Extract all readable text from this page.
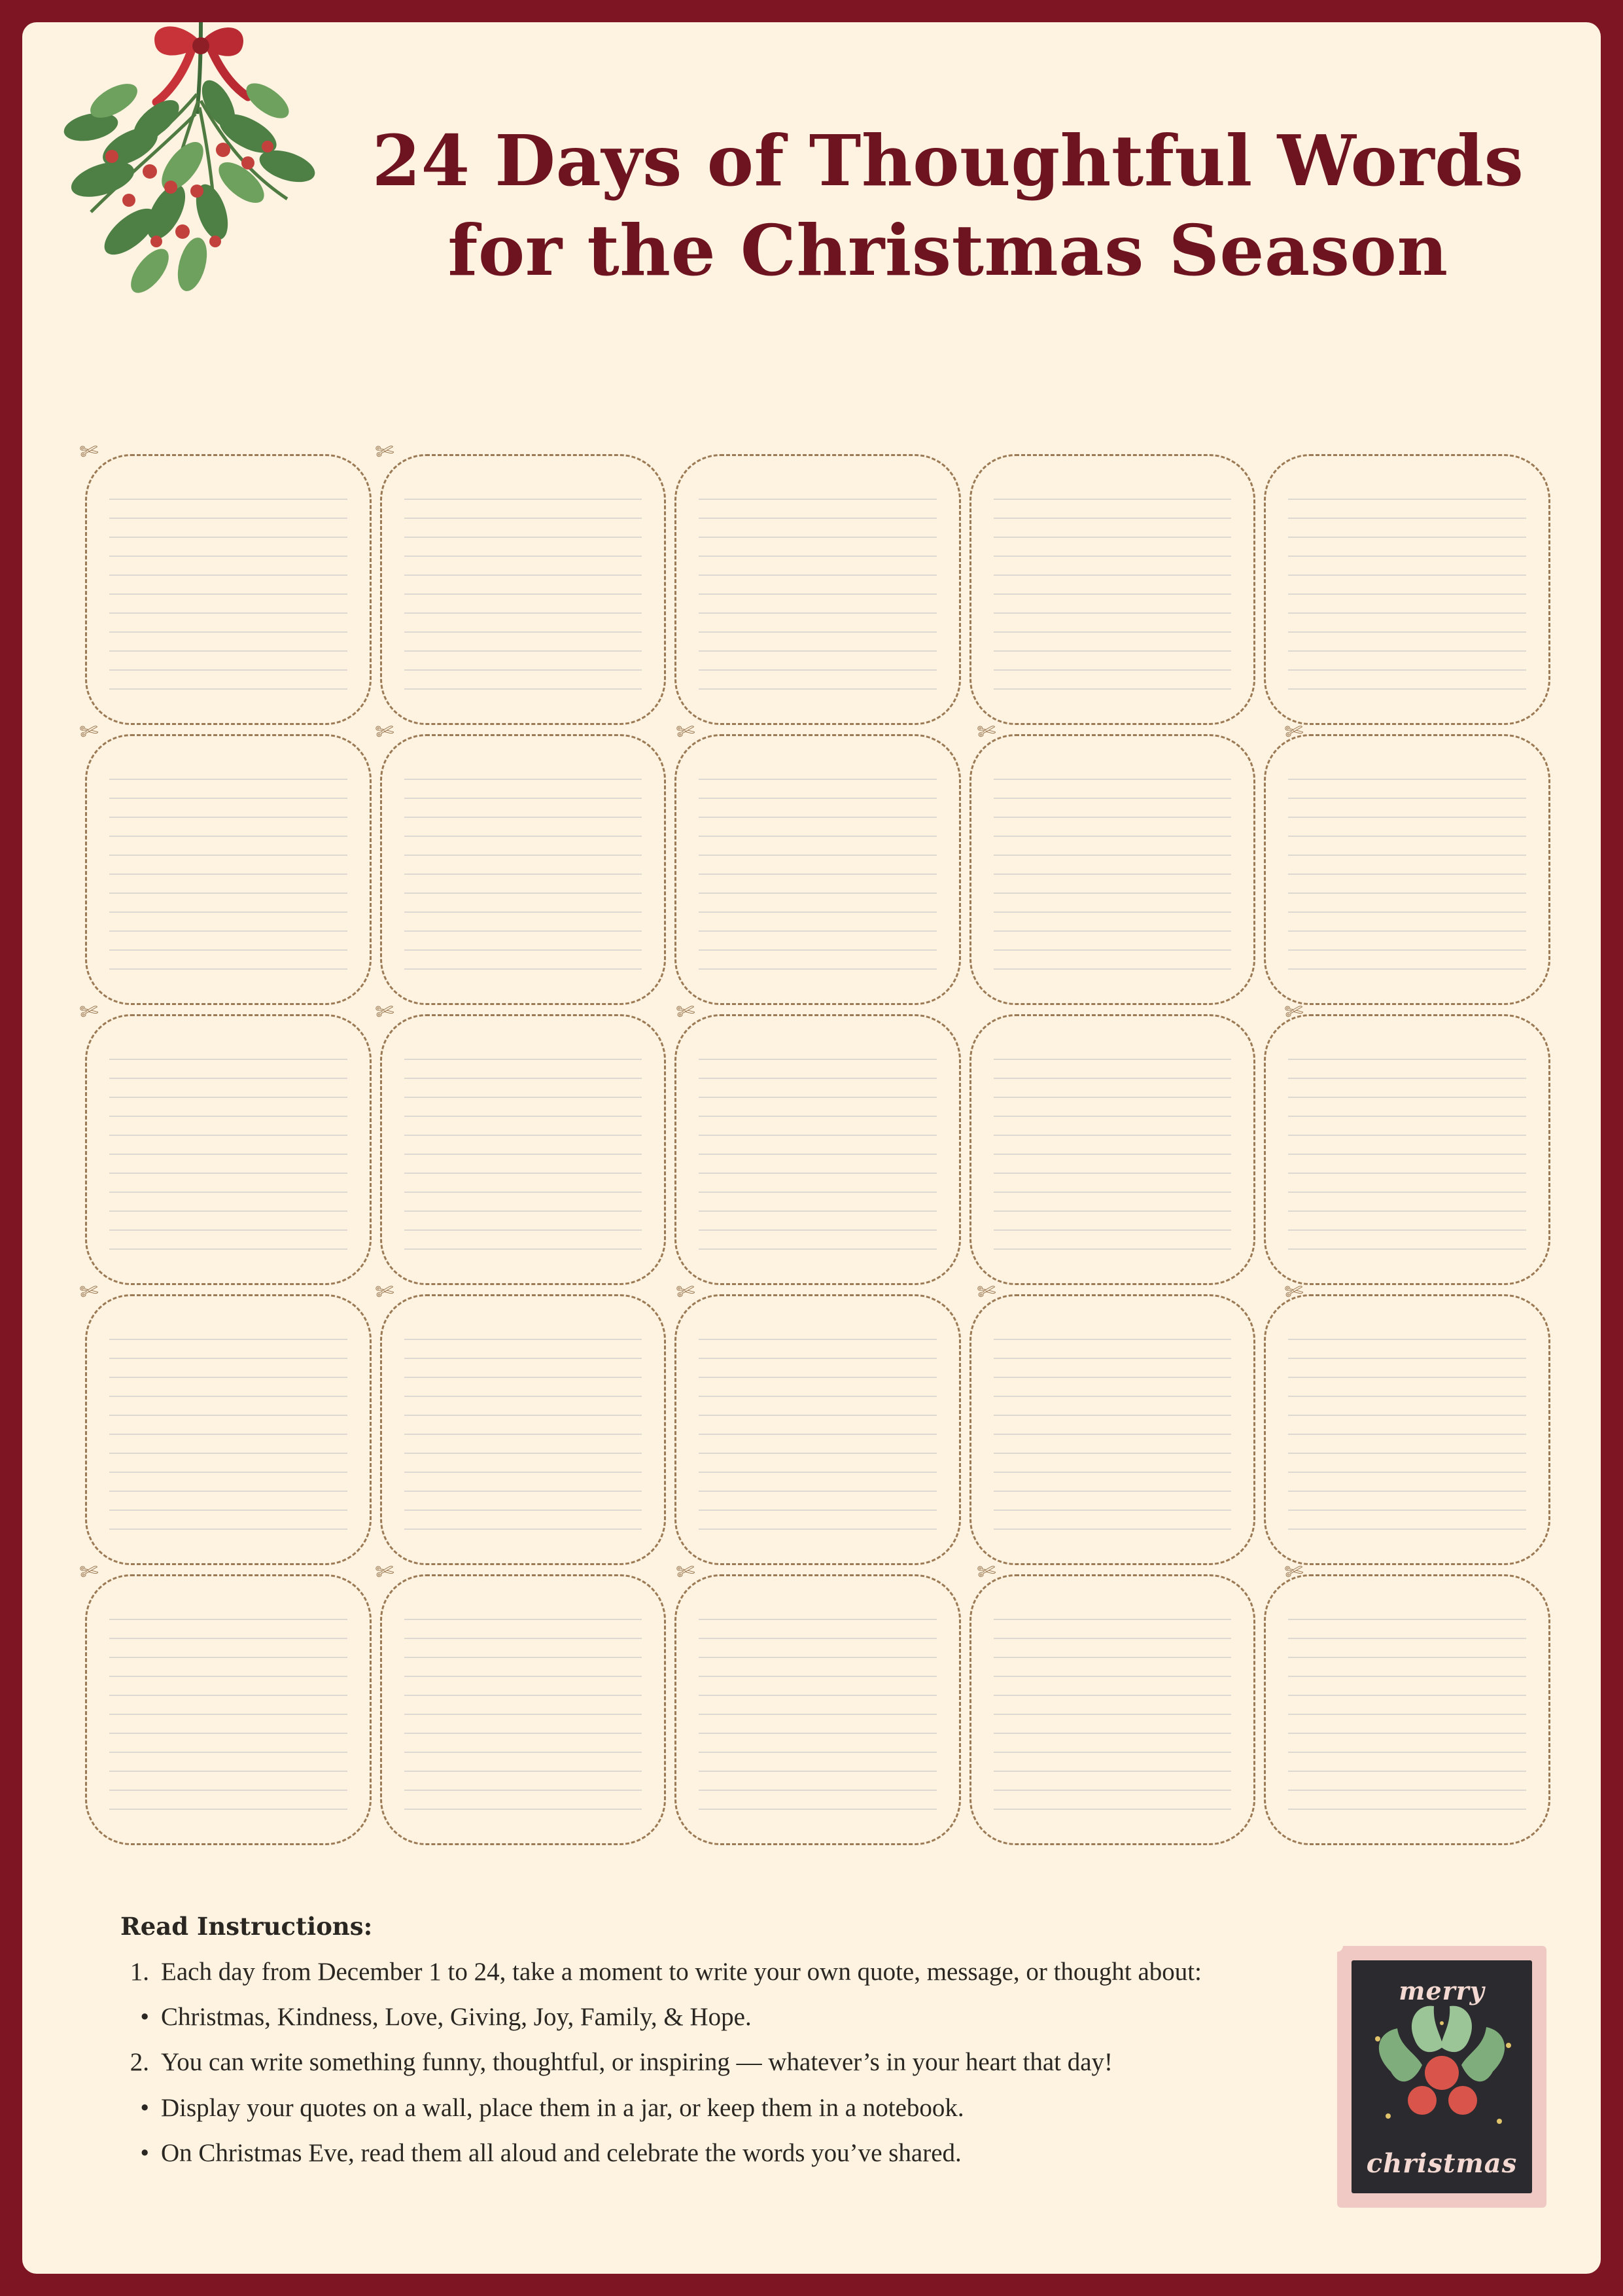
24 Days of Thoughtful Words
for the Christmas Season
✄
✄
✄
✄
✄
✄
✄
✄
✄
✄
✄
✄
✄
✄
✄
✄
✄
✄
✄
✄
✄
Read Instructions:
1. Each day from December 1 to 24, take a moment to write your own quote, message, or thought about:
• Christmas, Kindness, Love, Giving, Joy, Family, & Hope.
2. You can write something funny, thoughtful, or inspiring — whatever’s in your heart that day!
• Display your quotes on a wall, place them in a jar, or keep them in a notebook.
• On Christmas Eve, read them all aloud and celebrate the words you’ve shared.
merry
christmas
